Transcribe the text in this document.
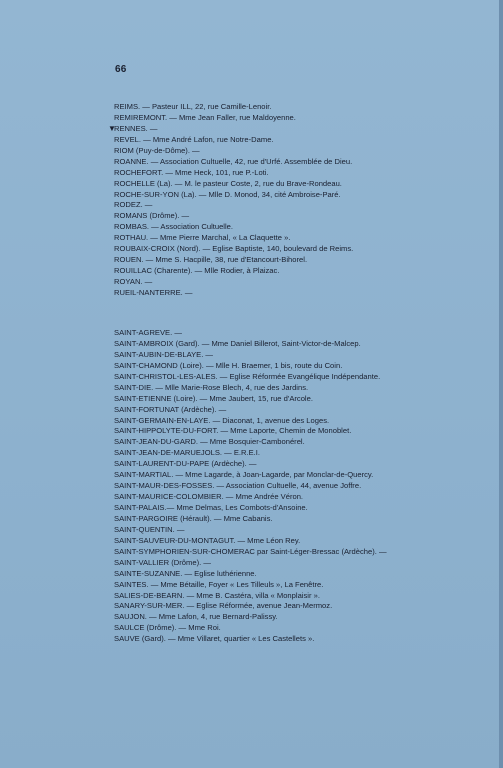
66
▼
REIMS. — Pasteur ILL, 22, rue Camille-Lenoir.
REMIREMONT. — Mme Jean Faller, rue Maldoyenne.
RENNES. —
REVEL. — Mme André Lafon, rue Notre-Dame.
RIOM (Puy-de-Dôme). —
ROANNE. — Association Cultuelle, 42, rue d'Urfé. Assemblée de Dieu.
ROCHEFORT. — Mme Heck, 101, rue P.-Loti.
ROCHELLE (La). — M. le pasteur Coste, 2, rue du Brave-Rondeau.
ROCHE-SUR-YON (La). — Mlle D. Monod, 34, cité Ambroise-Paré.
RODEZ. —
ROMANS (Drôme). —
ROMBAS. — Association Cultuelle.
ROTHAU. — Mme Pierre Marchal, « La Claquette ».
ROUBAIX-CROIX (Nord). — Eglise Baptiste, 140, boulevard de Reims.
ROUEN. — Mme S. Hacpille, 38, rue d'Etancourt-Bihorel.
ROUILLAC (Charente). — Mlle Rodier, à Plaizac.
ROYAN. —
RUEIL-NANTERRE. —
SAINT-AGREVE. —
SAINT-AMBROIX (Gard). — Mme Daniel Billerot, Saint-Victor-de-Malcep.
SAINT-AUBIN-DE-BLAYE. —
SAINT-CHAMOND (Loire). — Mlle H. Braemer, 1 bis, route du Coin.
SAINT-CHRISTOL-LES-ALES. — Eglise Réformée Evangélique Indépendante.
SAINT-DIE. — Mlle Marie-Rose Blech, 4, rue des Jardins.
SAINT-ETIENNE (Loire). — Mme Jaubert, 15, rue d'Arcole.
SAINT-FORTUNAT (Ardèche). —
SAINT-GERMAIN-EN-LAYE. — Diaconat, 1, avenue des Loges.
SAINT-HIPPOLYTE-DU-FORT. — Mme Laporte, Chemin de Monoblet.
SAINT-JEAN-DU-GARD. — Mme Bosquier-Cambonérel.
SAINT-JEAN-DE-MARUEJOLS. — E.R.E.I.
SAINT-LAURENT-DU-PAPE (Ardèche). —
SAINT-MARTIAL. — Mme Lagarde, à Joan-Lagarde, par Monclar-de-Quercy.
SAINT-MAUR-DES-FOSSES. — Association Cultuelle, 44, avenue Joffre.
SAINT-MAURICE-COLOMBIER. — Mme Andrée Véron.
SAINT-PALAIS.— Mme Delmas, Les Combots-d'Ansoine.
SAINT-PARGOIRE (Hérault). — Mme Cabanis.
SAINT-QUENTIN. —
SAINT-SAUVEUR-DU-MONTAGUT. — Mme Léon Rey.
SAINT-SYMPHORIEN-SUR-CHOMERAC par Saint-Léger-Bressac (Ardèche). —
SAINT-VALLIER (Drôme). —
SAINTE-SUZANNE. — Eglise luthérienne.
SAINTES. — Mme Bétaille, Foyer « Les Tilleuls », La Fenêtre.
SALIES-DE-BEARN. — Mme B. Castéra, villa « Monplaisir ».
SANARY-SUR-MER. — Eglise Réformée, avenue Jean-Mermoz.
SAUJON. — Mme Lafon, 4, rue Bernard-Palissy.
SAULCE (Drôme). — Mme Roi.
SAUVE (Gard). — Mme Villaret, quartier « Les Castellets ».
